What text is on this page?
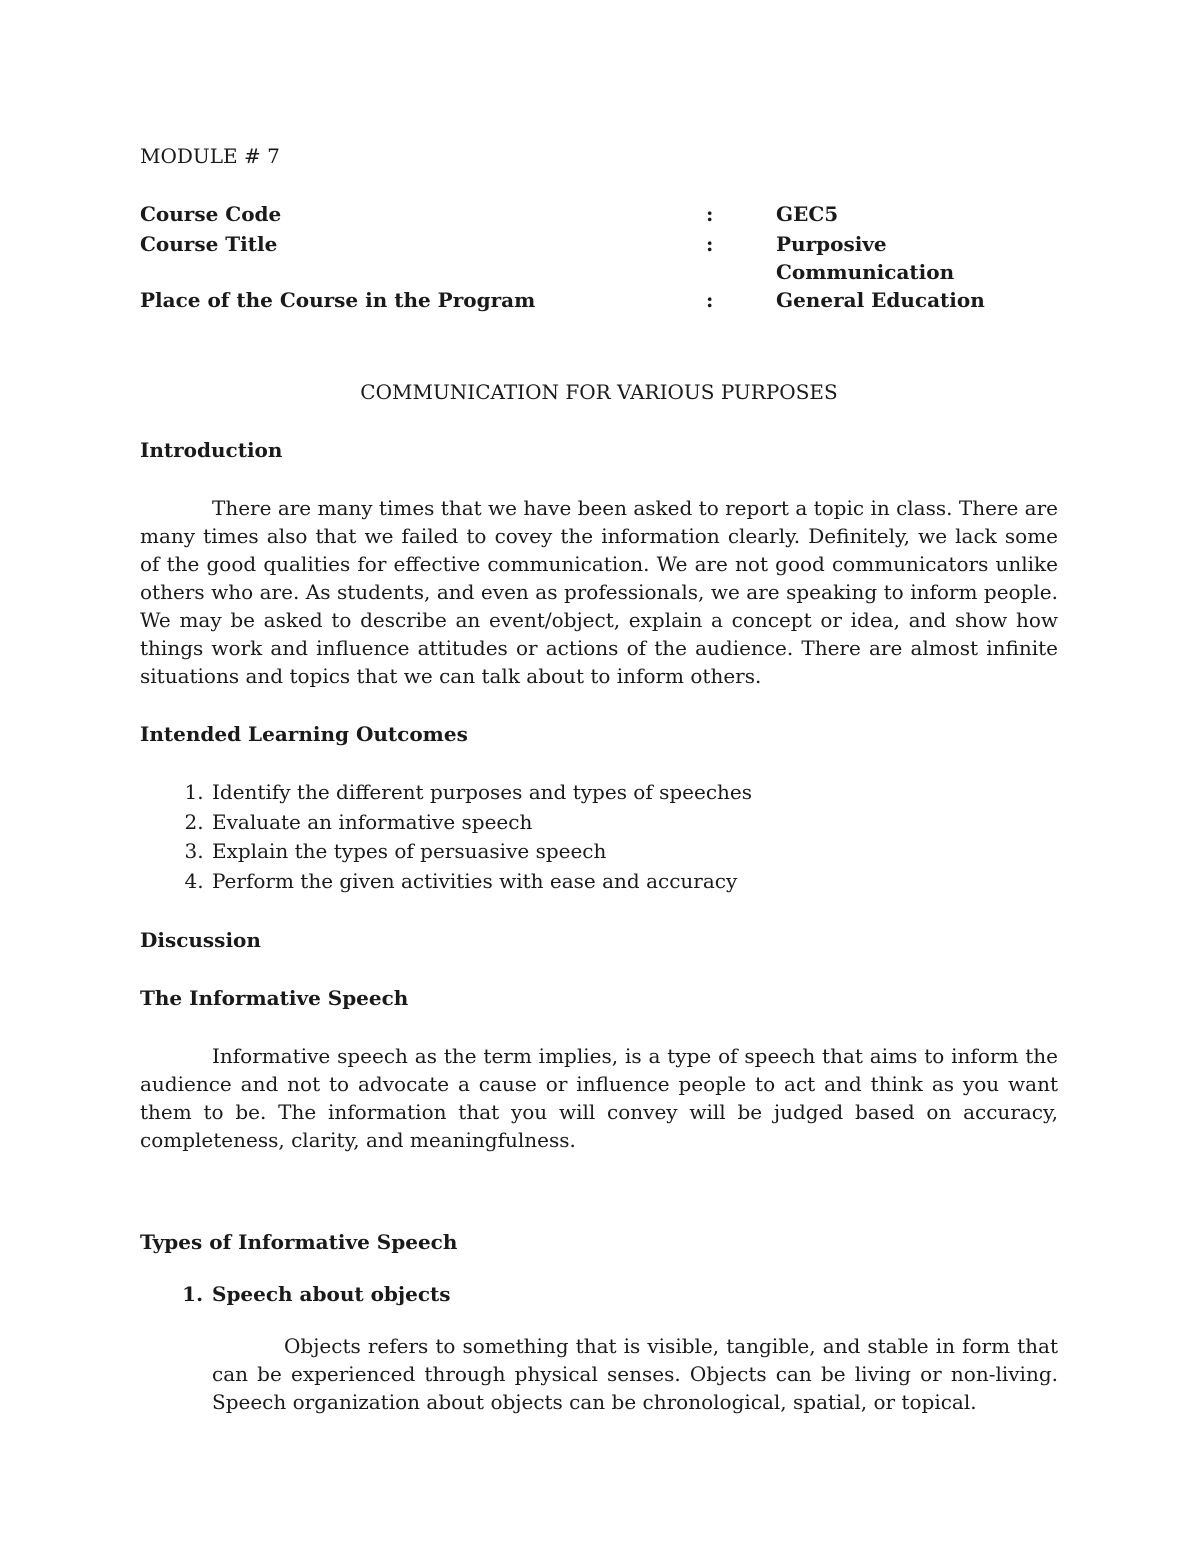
MODULE # 7
Course Code	:	GEC5
Course Title	:	Purposive Communication
Place of the Course in the Program	:	General Education
COMMUNICATION FOR VARIOUS PURPOSES
Introduction

There are many times that we have been asked to report a topic in class. There are many times also that we failed to covey the information clearly. Definitely, we lack some of the good qualities for effective communication. We are not good communicators unlike others who are. As students, and even as professionals, we are speaking to inform people. We may be asked to describe an event/object, explain a concept or idea, and show how things work and influence attitudes or actions of the audience. There are almost infinite situations and topics that we can talk about to inform others.

Intended Learning Outcomes
1. Identify the different purposes and types of speeches
2. Evaluate an informative speech
3. Explain the types of persuasive speech
4. Perform the given activities with ease and accuracy
Discussion
The Informative Speech

Informative speech as the term implies, is a type of speech that aims to inform the audience and not to advocate a cause or influence people to act and think as you want them to be. The information that you will convey will be judged based on accuracy, completeness, clarity, and meaningfulness.

Types of Informative Speech
1. Speech about objects

Objects refers to something that is visible, tangible, and stable in form that can be experienced through physical senses. Objects can be living or non-living. Speech organization about objects can be chronological, spatial, or topical.
